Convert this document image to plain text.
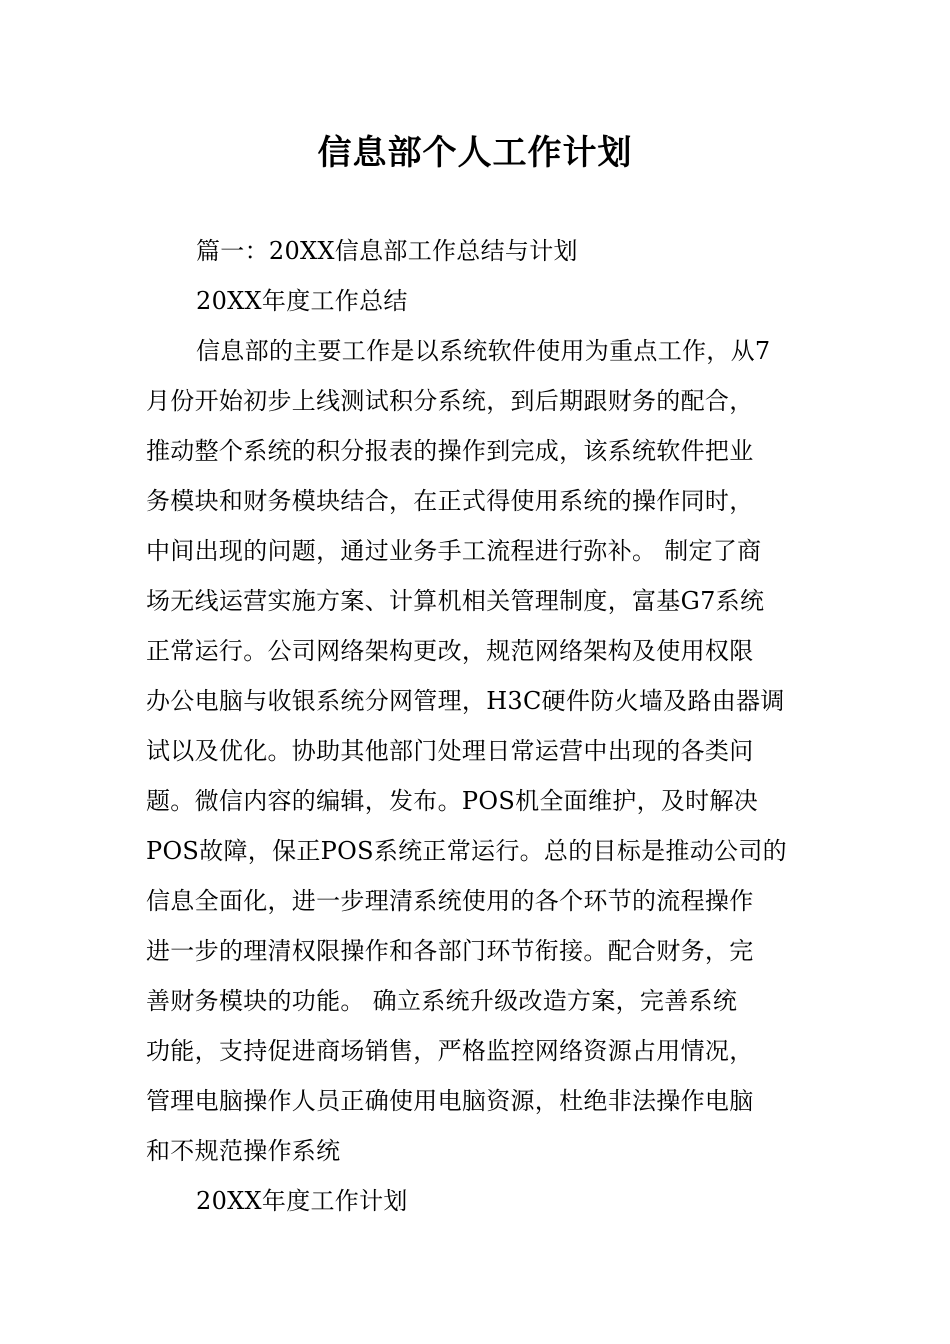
信息部个人工作计划
篇一：20XX信息部工作总结与计划
20XX年度工作总结
信息部的主要工作是以系统软件使用为重点工作，从7
月份开始初步上线测试积分系统，到后期跟财务的配合，
推动整个系统的积分报表的操作到完成，该系统软件把业
务模块和财务模块结合，在正式得使用系统的操作同时，
中间出现的问题，通过业务手工流程进行弥补。 制定了商
场无线运营实施方案、计算机相关管理制度，富基G7系统
正常运行。公司网络架构更改，规范网络架构及使用权限
办公电脑与收银系统分网管理，H3C硬件防火墙及路由器调
试以及优化。协助其他部门处理日常运营中出现的各类问
题。微信内容的编辑，发布。POS机全面维护，及时解决
POS故障，保正POS系统正常运行。总的目标是推动公司的
信息全面化，进一步理清系统使用的各个环节的流程操作
进一步的理清权限操作和各部门环节衔接。配合财务，完
善财务模块的功能。 确立系统升级改造方案，完善系统
功能，支持促进商场销售，严格监控网络资源占用情况，
管理电脑操作人员正确使用电脑资源，杜绝非法操作电脑
和不规范操作系统
20XX年度工作计划
